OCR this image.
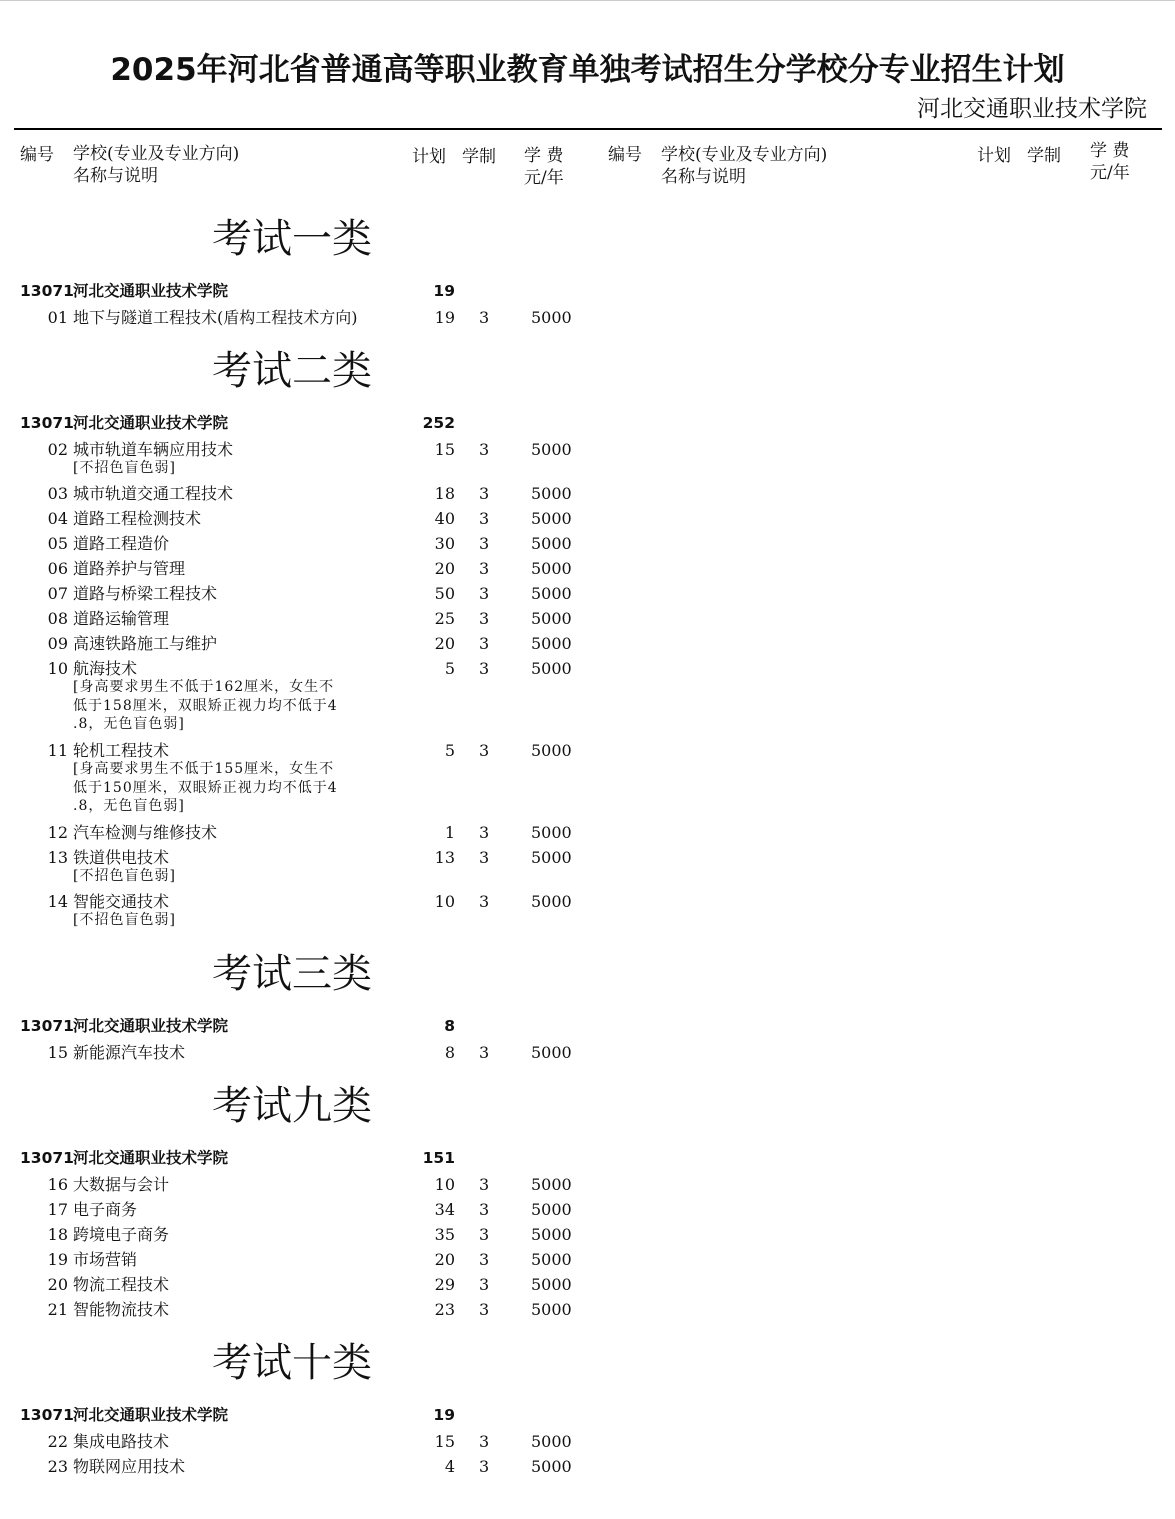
2025年河北省普通高等职业教育单独考试招生分学校分专业招生计划
河北交通职业技术学院
编号 学校(专业及专业方向)
名称与说明
计划 学制 学 费
元/年
编号 学校(专业及专业方向)
名称与说明
计划 学制 学 费
元/年
考试一类
13071 河北交通职业技术学院	19
01 地下与隧道工程技术(盾构工程技术方向)	19 3	5000
考试二类
13071 河北交通职业技术学院	252
02 城市轨道车辆应用技术	15 3	5000
[不招色盲色弱]
03 城市轨道交通工程技术	18 3	5000
04 道路工程检测技术	40 3	5000
05 道路工程造价	30 3	5000
06 道路养护与管理	20 3	5000
07 道路与桥梁工程技术	50 3	5000
08 道路运输管理	25 3	5000
09 高速铁路施工与维护	20 3	5000
10 航海技术	5 3	5000
[身高要求男生不低于162厘米，女生不
低于158厘米，双眼矫正视力均不低于4
.8，无色盲色弱]
11 轮机工程技术	5 3	5000
[身高要求男生不低于155厘米，女生不
低于150厘米，双眼矫正视力均不低于4
.8，无色盲色弱]
12 汽车检测与维修技术	1 3	5000
13 铁道供电技术	13 3	5000
[不招色盲色弱]
14 智能交通技术	10 3	5000
[不招色盲色弱]
考试三类
13071 河北交通职业技术学院	8
15 新能源汽车技术	8 3	5000
考试九类
13071 河北交通职业技术学院	151
16 大数据与会计	10 3	5000
17 电子商务	34 3	5000
18 跨境电子商务	35 3	5000
19 市场营销	20 3	5000
20 物流工程技术	29 3	5000
21 智能物流技术	23 3	5000
考试十类
13071 河北交通职业技术学院	19
22 集成电路技术	15 3	5000
23 物联网应用技术	4 3	5000
